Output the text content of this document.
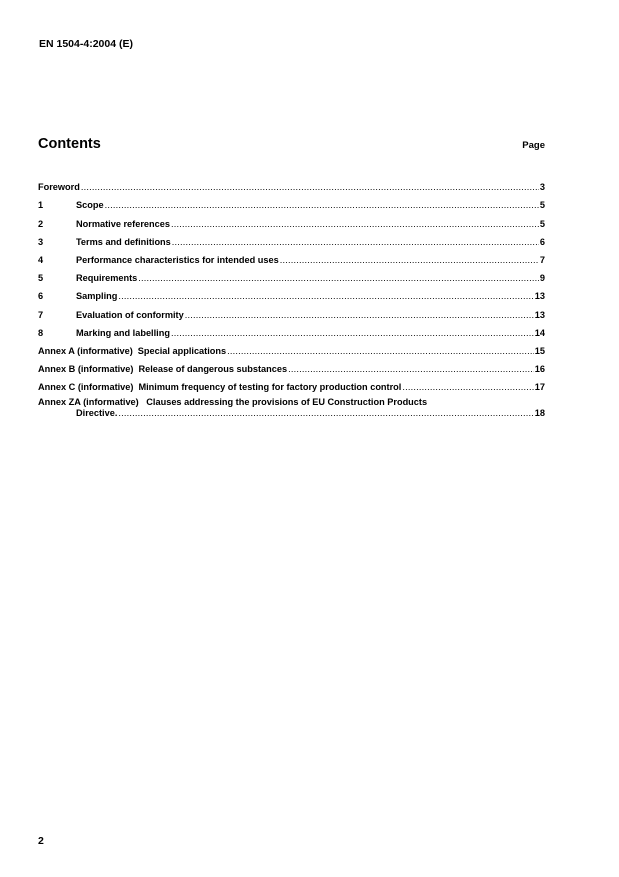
EN 1504-4:2004 (E)
Contents	Page
Foreword .....	3
1	Scope .....	5
2	Normative references .....	5
3	Terms and definitions .....	6
4	Performance characteristics for intended uses .....	7
5	Requirements .....	9
6	Sampling .....	13
7	Evaluation of conformity .....	13
8	Marking and labelling .....	14
Annex A (informative) Special applications .....	15
Annex B (informative) Release of dangerous substances .....	16
Annex C (informative) Minimum frequency of testing for factory production control .....	17
Annex ZA (informative) Clauses addressing the provisions of EU Construction Products
Directive. .....	18
2
